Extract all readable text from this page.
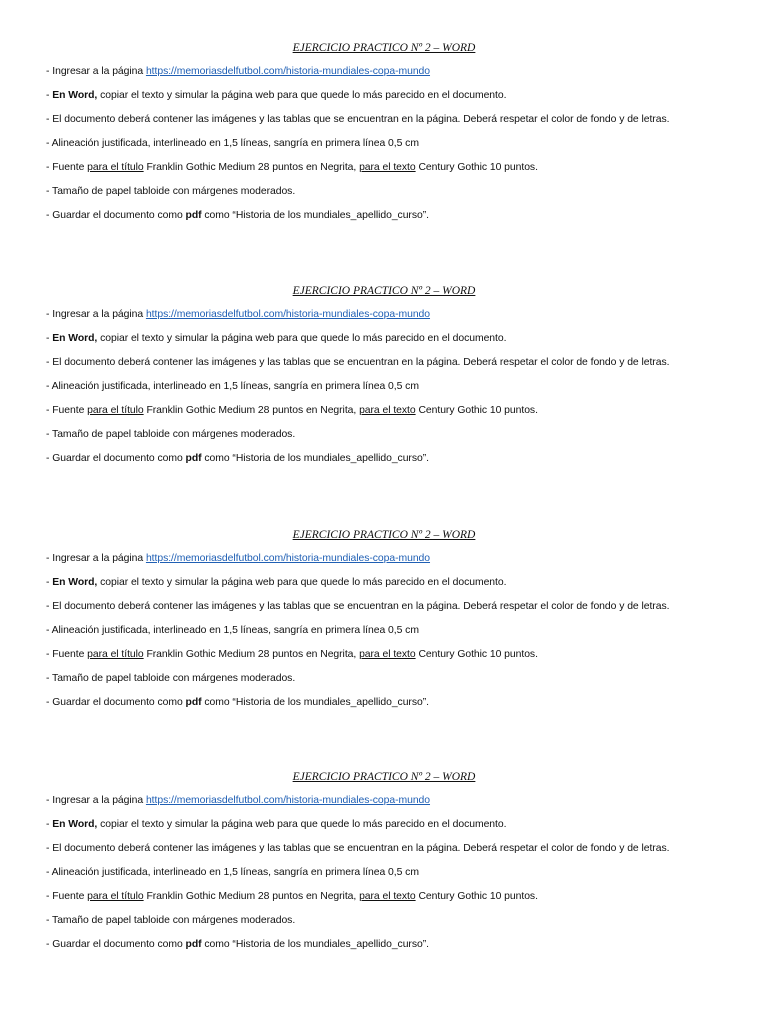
EJERCICIO PRACTICO Nº 2 – WORD
- Ingresar a la página https://memoriasdelfutbol.com/historia-mundiales-copa-mundo
- En Word, copiar el texto y simular la página web para que quede lo más parecido en el documento.
- El documento deberá contener las imágenes y las tablas que se encuentran en la página. Deberá respetar el color de fondo y de letras.
- Alineación justificada, interlineado en 1,5 líneas, sangría en primera línea 0,5 cm
- Fuente para el título Franklin Gothic Medium 28 puntos en Negrita, para el texto Century Gothic 10 puntos.
- Tamaño de papel tabloide con márgenes moderados.
- Guardar el documento como pdf como “Historia de los mundiales_apellido_curso”.
EJERCICIO PRACTICO Nº 2 – WORD
- Ingresar a la página https://memoriasdelfutbol.com/historia-mundiales-copa-mundo
- En Word, copiar el texto y simular la página web para que quede lo más parecido en el documento.
- El documento deberá contener las imágenes y las tablas que se encuentran en la página. Deberá respetar el color de fondo y de letras.
- Alineación justificada, interlineado en 1,5 líneas, sangría en primera línea 0,5 cm
- Fuente para el título Franklin Gothic Medium 28 puntos en Negrita, para el texto Century Gothic 10 puntos.
- Tamaño de papel tabloide con márgenes moderados.
- Guardar el documento como pdf como “Historia de los mundiales_apellido_curso”.
EJERCICIO PRACTICO Nº 2 – WORD
- Ingresar a la página https://memoriasdelfutbol.com/historia-mundiales-copa-mundo
- En Word, copiar el texto y simular la página web para que quede lo más parecido en el documento.
- El documento deberá contener las imágenes y las tablas que se encuentran en la página. Deberá respetar el color de fondo y de letras.
- Alineación justificada, interlineado en 1,5 líneas, sangría en primera línea 0,5 cm
- Fuente para el título Franklin Gothic Medium 28 puntos en Negrita, para el texto Century Gothic 10 puntos.
- Tamaño de papel tabloide con márgenes moderados.
- Guardar el documento como pdf como “Historia de los mundiales_apellido_curso”.
EJERCICIO PRACTICO Nº 2 – WORD
- Ingresar a la página https://memoriasdelfutbol.com/historia-mundiales-copa-mundo
- En Word, copiar el texto y simular la página web para que quede lo más parecido en el documento.
- El documento deberá contener las imágenes y las tablas que se encuentran en la página. Deberá respetar el color de fondo y de letras.
- Alineación justificada, interlineado en 1,5 líneas, sangría en primera línea 0,5 cm
- Fuente para el título Franklin Gothic Medium 28 puntos en Negrita, para el texto Century Gothic 10 puntos.
- Tamaño de papel tabloide con márgenes moderados.
- Guardar el documento como pdf como “Historia de los mundiales_apellido_curso”.
